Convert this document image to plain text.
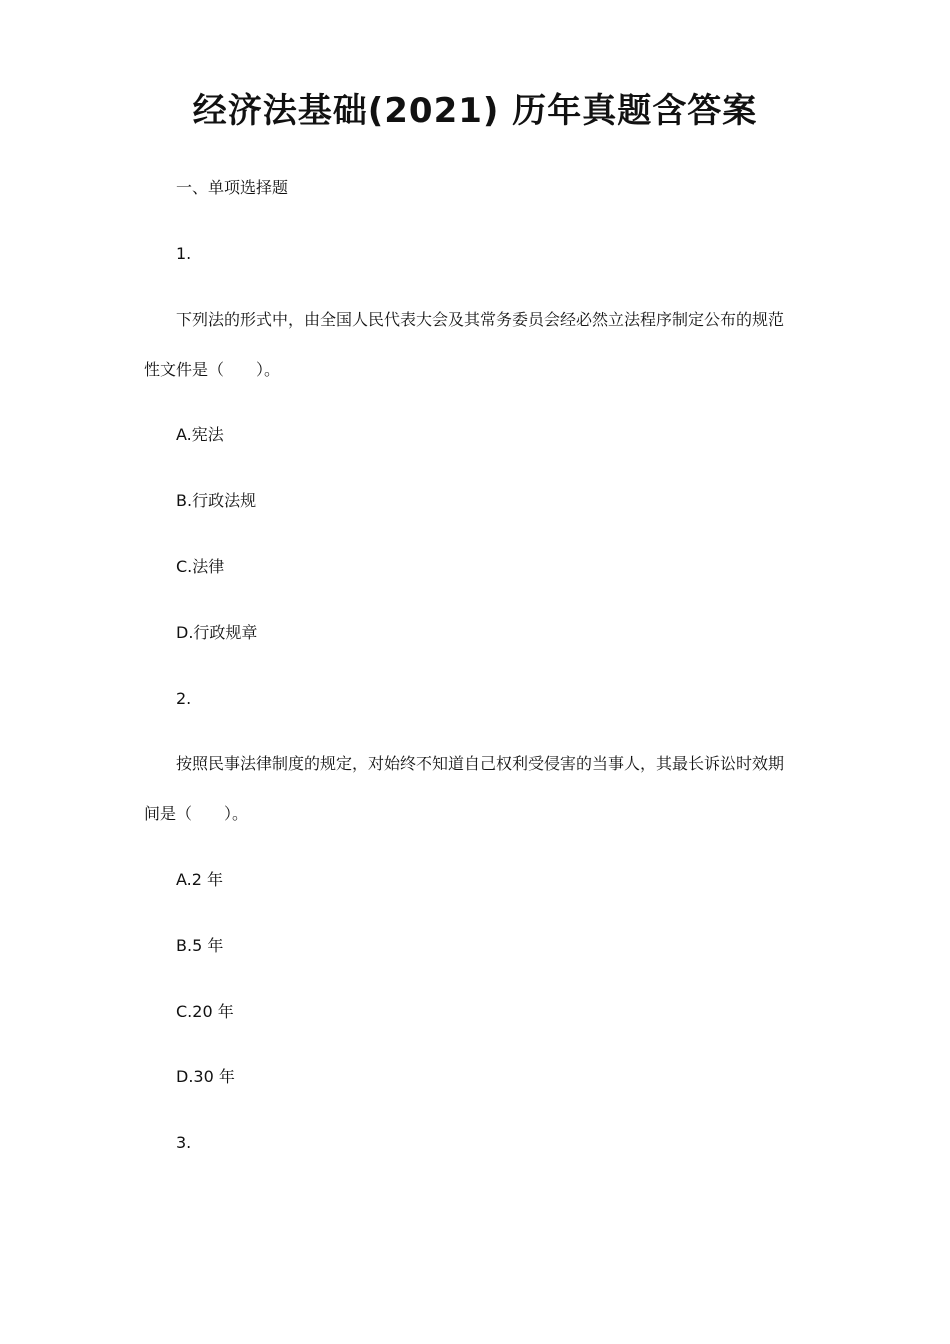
经济法基础(2021) 历年真题含答案
一、单项选择题
1.
下列法的形式中，由全国人民代表大会及其常务委员会经必然立法程序制定公布的规范
性文件是（　　）。
A.宪法
B.行政法规
C.法律
D.行政规章
2.
按照民事法律制度的规定，对始终不知道自己权利受侵害的当事人，其最长诉讼时效期
间是（　　）。
A.2 年
B.5 年
C.20 年
D.30 年
3.
